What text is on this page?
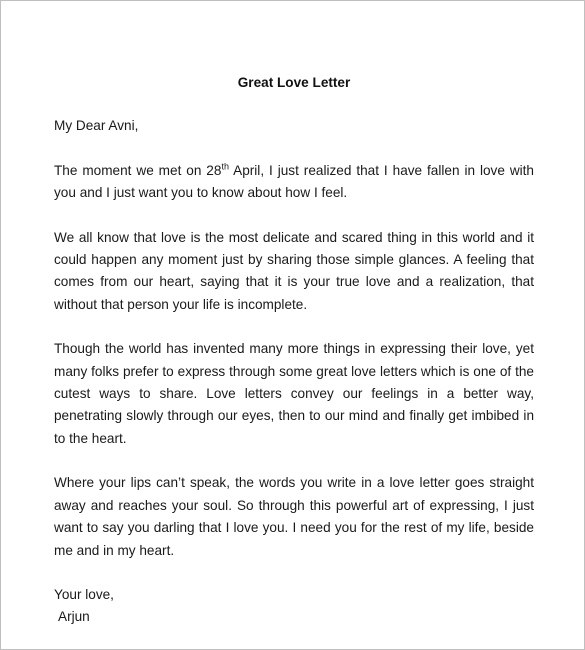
Great Love Letter
My Dear Avni,
The moment we met on 28th April, I just realized that I have fallen in love with you and I just want you to know about how I feel.
We all know that love is the most delicate and scared thing in this world and it could happen any moment just by sharing those simple glances. A feeling that comes from our heart, saying that it is your true love and a realization, that without that person your life is incomplete.
Though the world has invented many more things in expressing their love, yet many folks prefer to express through some great love letters which is one of the cutest ways to share. Love letters convey our feelings in a better way, penetrating slowly through our eyes, then to our mind and finally get imbibed in to the heart.
Where your lips can’t speak, the words you write in a love letter goes straight away and reaches your soul. So through this powerful art of expressing, I just want to say you darling that I love you. I need you for the rest of my life, beside me and in my heart.
Your love,
Arjun
